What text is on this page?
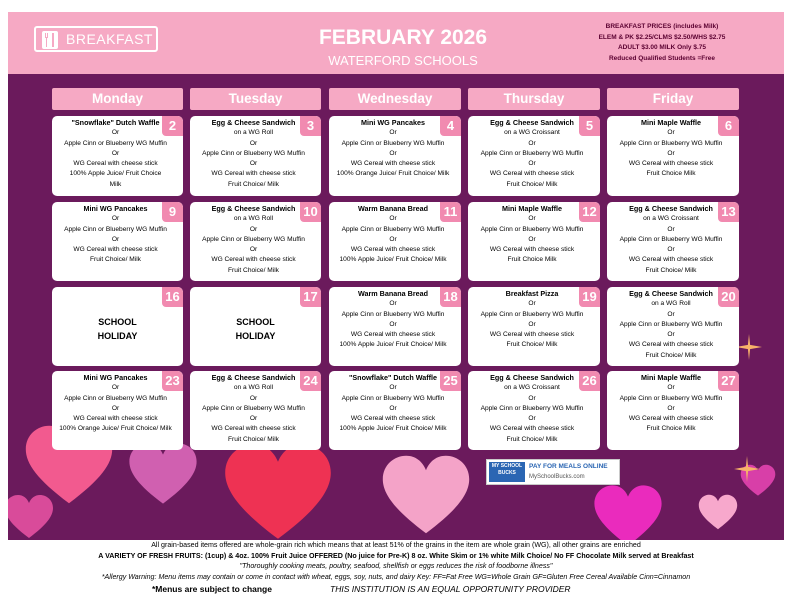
BREAKFAST	FEBRUARY 2026
WATERFORD SCHOOLS
BREAKFAST PRICES (includes Milk)
ELEM & PK $2.25/CLMS $2.50/WHS $2.75
ADULT $3.00 MILK Only $.75
Reduced Qualified Students =Free
Monday	Tuesday	Wednesday	Thursday	Friday
2
"Snowflake" Dutch Waffle
Or
Apple Cinn or Blueberry WG Muffin
Or
WG Cereal with cheese stick
100% Apple Juice/ Fruit Choice
Milk
3
Egg & Cheese Sandwich
on a WG Roll
Or
Apple Cinn or Blueberry WG Muffin
Or
WG Cereal with cheese stick
Fruit Choice/ Milk
4
Mini WG Pancakes
Or
Apple Cinn or Blueberry WG Muffin
Or
WG Cereal with cheese stick
100% Orange Juice/ Fruit Choice/ Milk
5
Egg & Cheese Sandwich
on a WG Croissant
Or
Apple Cinn or Blueberry WG Muffin
Or
WG Cereal with cheese stick
Fruit Choice/ Milk
6
Mini Maple Waffle
Or
Apple Cinn or Blueberry WG Muffin
Or
WG Cereal with cheese stick
Fruit Choice Milk
9
Mini WG Pancakes
Or
Apple Cinn or Blueberry WG Muffin
Or
WG Cereal with cheese stick
Fruit Choice/ Milk
10
Egg & Cheese Sandwich
on a WG Roll
Or
Apple Cinn or Blueberry WG Muffin
Or
WG Cereal with cheese stick
Fruit Choice/ Milk
11
Warm Banana Bread
Or
Apple Cinn or Blueberry WG Muffin
Or
WG Cereal with cheese stick
100% Apple Juice/ Fruit Choice/ Milk
12
Mini Maple Waffle
Or
Apple Cinn or Blueberry WG Muffin
Or
WG Cereal with cheese stick
Fruit Choice Milk
13
Egg & Cheese Sandwich
on a WG Croissant
Or
Apple Cinn or Blueberry WG Muffin
Or
WG Cereal with cheese stick
Fruit Choice/ Milk
16
SCHOOL
HOLIDAY
17
SCHOOL
HOLIDAY
18
Warm Banana Bread
Or
Apple Cinn or Blueberry WG Muffin
Or
WG Cereal with cheese stick
100% Apple Juice/ Fruit Choice/ Milk
19
Breakfast Pizza
Or
Apple Cinn or Blueberry WG Muffin
Or
WG Cereal with cheese stick
Fruit Choice/ Milk
20
Egg & Cheese Sandwich
on a WG Roll
Or
Apple Cinn or Blueberry WG Muffin
Or
WG Cereal with cheese stick
Fruit Choice/ Milk
23
Mini WG Pancakes
Or
Apple Cinn or Blueberry WG Muffin
Or
WG Cereal with cheese stick
100% Orange Juice/ Fruit Choice/ Milk
24
Egg & Cheese Sandwich
on a WG Roll
Or
Apple Cinn or Blueberry WG Muffin
Or
WG Cereal with cheese stick
Fruit Choice/ Milk
25
"Snowflake" Dutch Waffle
Or
Apple Cinn or Blueberry WG Muffin
Or
WG Cereal with cheese stick
100% Apple Juice/ Fruit Choice/ Milk
26
Egg & Cheese Sandwich
on a WG Croissant
Or
Apple Cinn or Blueberry WG Muffin
Or
WG Cereal with cheese stick
Fruit Choice/ Milk
27
Mini Maple Waffle
Or
Apple Cinn or Blueberry WG Muffin
Or
WG Cereal with cheese stick
Fruit Choice Milk
MY SCHOOL BUCKS
PAY FOR MEALS ONLINE
MySchoolBucks.com
All grain-based items offered are whole-grain rich which means that at least 51% of the grains in the item are whole grain (WG), all other grains are enriched
A VARIETY OF FRESH FRUITS: (1cup) & 4oz. 100% Fruit Juice OFFERED (No juice for Pre-K) 8 oz. White Skim or 1% white Milk Choice/ No FF Chocolate Milk served at Breakfast
"Thoroughly cooking meats, poultry, seafood, shellfish or eggs reduces the risk of foodborne illness"
*Allergy Warning: Menu items may contain or come in contact with wheat, eggs, soy, nuts, and dairy Key: FF=Fat Free WG=Whole Grain GF=Gluten Free Cereal Available Cinn=Cinnamon
*Menus are subject to change	THIS INSTITUTION IS AN EQUAL OPPORTUNITY PROVIDER
